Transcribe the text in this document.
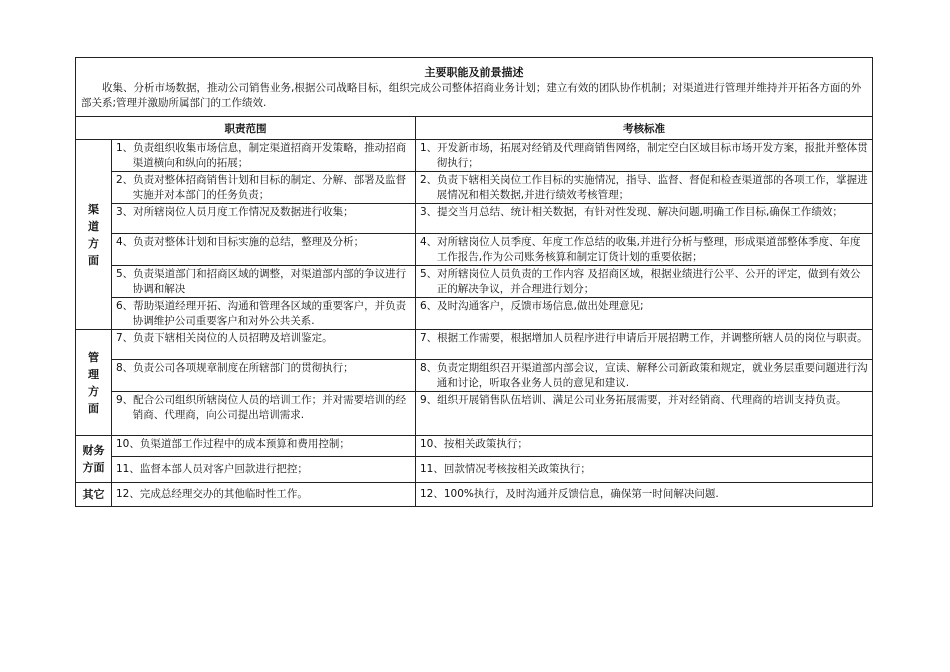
主要职能及前景描述
收集、分析市场数据，推动公司销售业务,根据公司战略目标，组织完成公司整体招商业务计划；建立有效的团队协作机制；对渠道进行管理并维持并开拓各方面的外部关系;管理并激励所属部门的工作绩效.		

职责范围		考核标准
渠道方面	1、负责组织收集市场信息，制定渠道招商开发策略，推动招商渠道横向和纵向的拓展；	1、开发新市场，拓展对经销及代理商销售网络，制定空白区域目标市场开发方案，报批并整体贯彻执行；

	2、负责对整体招商销售计划和目标的制定、分解、部署及监督实施并对本部门的任务负责；	2、负责下辖相关岗位工作目标的实施情况，指导、监督、督促和检查渠道部的各项工作，掌握进展情况和相关数据,并进行绩效考核管理；

	3、对所辖岗位人员月度工作情况及数据进行收集；	3、提交当月总结、统计相关数据，有针对性发现、解决问题,明确工作目标,确保工作绩效；

	4、负责对整体计划和目标实施的总结，整理及分析；	4、对所辖岗位人员季度、年度工作总结的收集,并进行分析与整理，形成渠道部整体季度、年度工作报告,作为公司账务核算和制定订货计划的重要依据；

	5、负责渠道部门和招商区域的调整，对渠道部内部的争议进行协调和解决	5、对所辖岗位人员负责的工作内容 及招商区域，根据业绩进行公平、公开的评定，做到有效公正的解决争议，并合理进行划分；

	6、帮助渠道经理开拓、沟通和管理各区域的重要客户，并负责协调维护公司重要客户和对外公共关系.	6、及时沟通客户，反馈市场信息,做出处理意见;

管理方面	7、负责下辖相关岗位的人员招聘及培训鉴定。	7、根据工作需要，根据增加人员程序进行申请后开展招聘工作，并调整所辖人员的岗位与职责。

	8、负责公司各项规章制度在所辖部门的贯彻执行；	8、负责定期组织召开渠道部内部会议，宣读、解释公司新政策和规定，就业务层重要问题进行沟通和讨论，听取各业务人员的意见和建议.

	9、配合公司组织所辖岗位人员的培训工作；并对需要培训的经销商、代理商，向公司提出培训需求.	9、组织开展销售队伍培训、满足公司业务拓展需要，并对经销商、代理商的培训支持负责。

财务方面	10、负渠道部工作过程中的成本预算和费用控制；	10、按相关政策执行；

	11、监督本部人员对客户回款进行把控；	11、回款情况考核按相关政策执行；

其它	12、完成总经理交办的其他临时性工作。	12、100%执行，及时沟通并反馈信息，确保第一时间解决问题.
